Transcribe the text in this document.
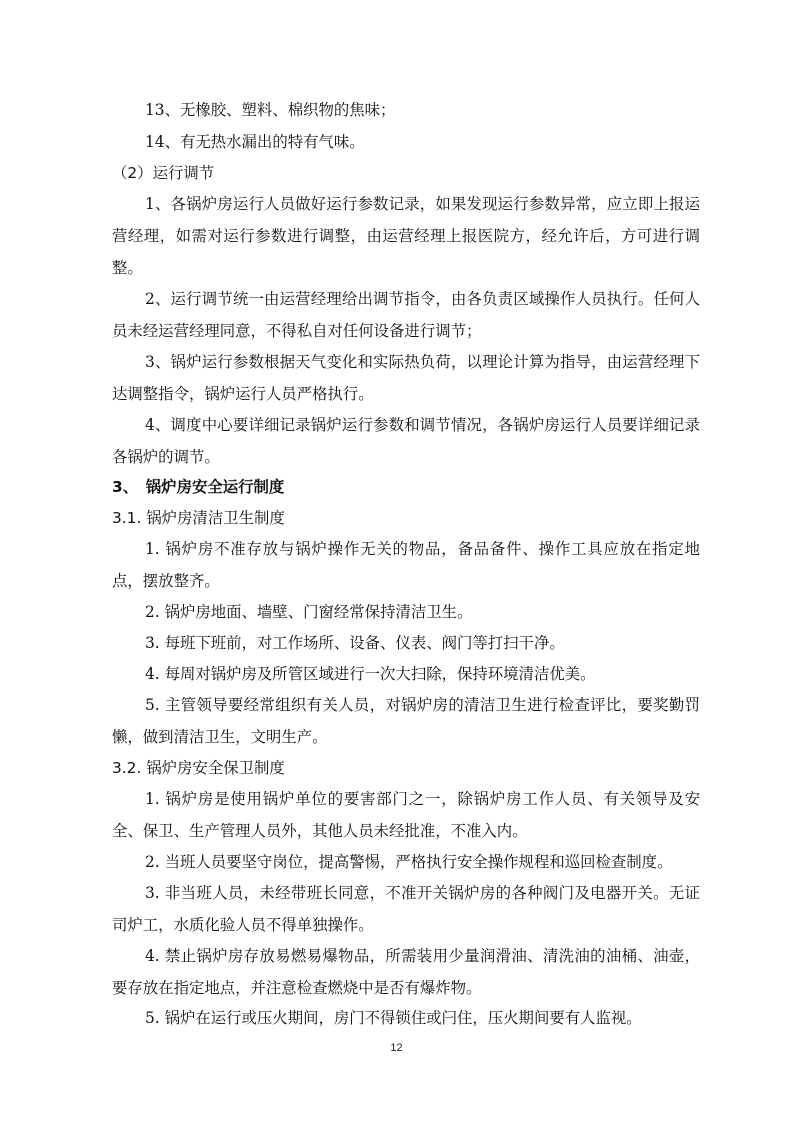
13、无橡胶、塑料、棉织物的焦味；

14、有无热水漏出的特有气味。

（2）运行调节

1、各锅炉房运行人员做好运行参数记录，如果发现运行参数异常，应立即上报运营经理，如需对运行参数进行调整，由运营经理上报医院方，经允许后，方可进行调整。

2、运行调节统一由运营经理给出调节指令，由各负责区域操作人员执行。任何人员未经运营经理同意，不得私自对任何设备进行调节；

3、锅炉运行参数根据天气变化和实际热负荷，以理论计算为指导，由运营经理下达调整指令，锅炉运行人员严格执行。

4、调度中心要详细记录锅炉运行参数和调节情况，各锅炉房运行人员要详细记录各锅炉的调节。

3、　锅炉房安全运行制度

3.1. 锅炉房清洁卫生制度

1. 锅炉房不准存放与锅炉操作无关的物品，备品备件、操作工具应放在指定地点，摆放整齐。

2. 锅炉房地面、墙壁、门窗经常保持清洁卫生。

3. 每班下班前，对工作场所、设备、仪表、阀门等打扫干净。

4. 每周对锅炉房及所管区域进行一次大扫除，保持环境清洁优美。

5. 主管领导要经常组织有关人员，对锅炉房的清洁卫生进行检查评比，要奖勤罚懒，做到清洁卫生，文明生产。

3.2. 锅炉房安全保卫制度

1. 锅炉房是使用锅炉单位的要害部门之一，除锅炉房工作人员、有关领导及安全、保卫、生产管理人员外，其他人员未经批准，不准入内。

2. 当班人员要坚守岗位，提高警惕，严格执行安全操作规程和巡回检查制度。

3. 非当班人员，未经带班长同意，不准开关锅炉房的各种阀门及电器开关。无证司炉工，水质化验人员不得单独操作。

4. 禁止锅炉房存放易燃易爆物品，所需装用少量润滑油、清洗油的油桶、油壶，要存放在指定地点，并注意检查燃烧中是否有爆炸物。

5. 锅炉在运行或压火期间，房门不得锁住或闩住，压火期间要有人监视。

12
